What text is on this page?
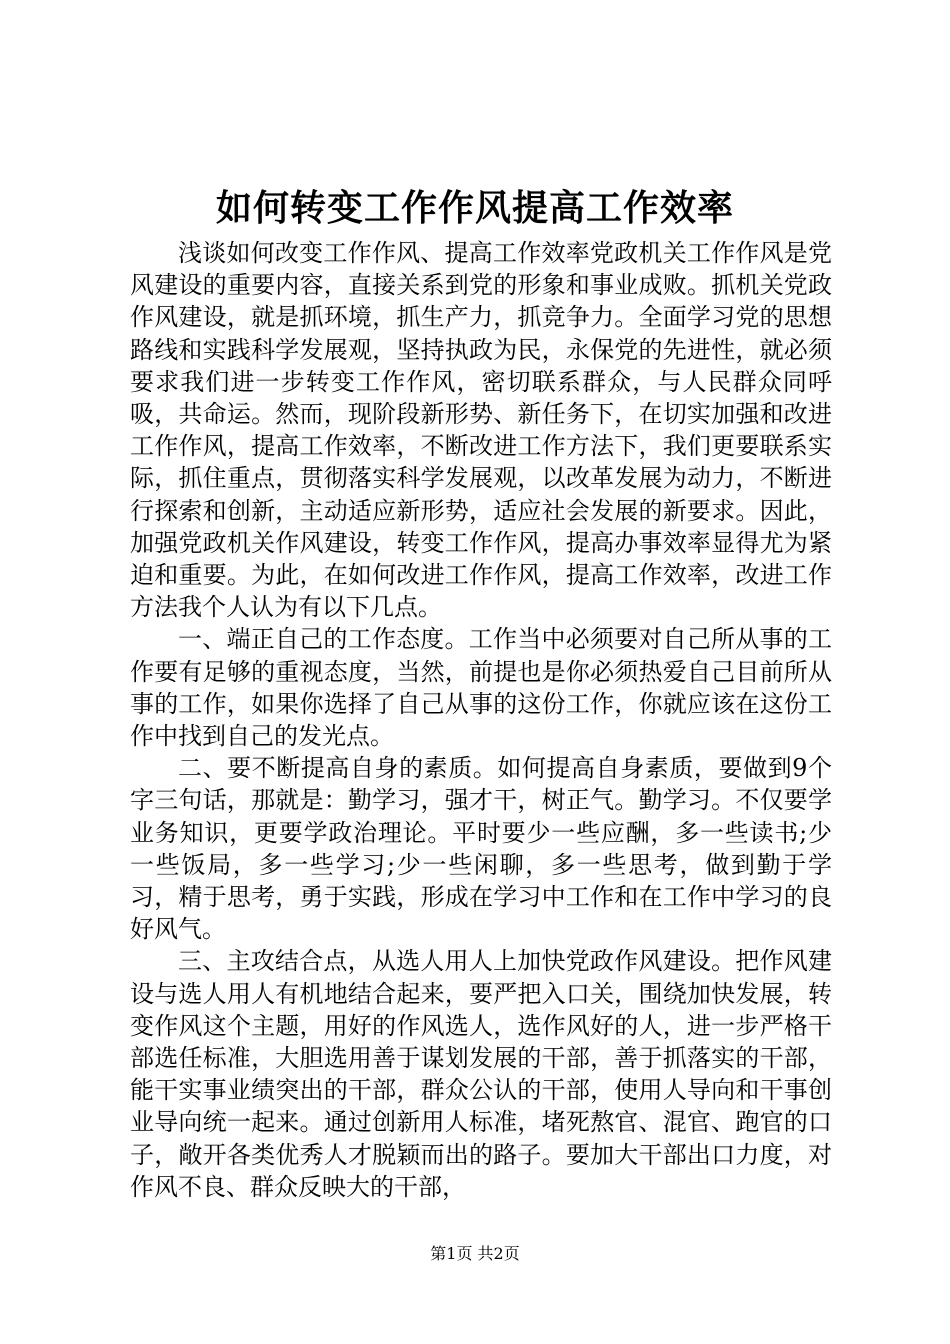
如何转变工作作风提高工作效率

浅谈如何改变工作作风、提高工作效率党政机关工作作风是党风建设的重要内容，直接关系到党的形象和事业成败。抓机关党政作风建设，就是抓环境，抓生产力，抓竞争力。全面学习党的思想路线和实践科学发展观，坚持执政为民，永保党的先进性，就必须要求我们进一步转变工作作风，密切联系群众，与人民群众同呼吸，共命运。然而，现阶段新形势、新任务下，在切实加强和改进工作作风，提高工作效率，不断改进工作方法下，我们更要联系实际，抓住重点，贯彻落实科学发展观，以改革发展为动力，不断进行探索和创新，主动适应新形势，适应社会发展的新要求。因此，加强党政机关作风建设，转变工作作风，提高办事效率显得尤为紧迫和重要。为此，在如何改进工作作风，提高工作效率，改进工作方法我个人认为有以下几点。

一、端正自己的工作态度。工作当中必须要对自己所从事的工作要有足够的重视态度，当然，前提也是你必须热爱自己目前所从事的工作，如果你选择了自己从事的这份工作，你就应该在这份工作中找到自己的发光点。

二、要不断提高自身的素质。如何提高自身素质，要做到9个字三句话，那就是：勤学习，强才干，树正气。勤学习。不仅要学业务知识，更要学政治理论。平时要少一些应酬，多一些读书;少一些饭局，多一些学习;少一些闲聊，多一些思考，做到勤于学习，精于思考，勇于实践，形成在学习中工作和在工作中学习的良好风气。

三、主攻结合点，从选人用人上加快党政作风建设。把作风建设与选人用人有机地结合起来，要严把入口关，围绕加快发展，转变作风这个主题，用好的作风选人，选作风好的人，进一步严格干部选任标准，大胆选用善于谋划发展的干部，善于抓落实的干部，能干实事业绩突出的干部，群众公认的干部，使用人导向和干事创业导向统一起来。通过创新用人标准，堵死熬官、混官、跑官的口子，敞开各类优秀人才脱颖而出的路子。要加大干部出口力度，对作风不良、群众反映大的干部，

第1页 共2页
